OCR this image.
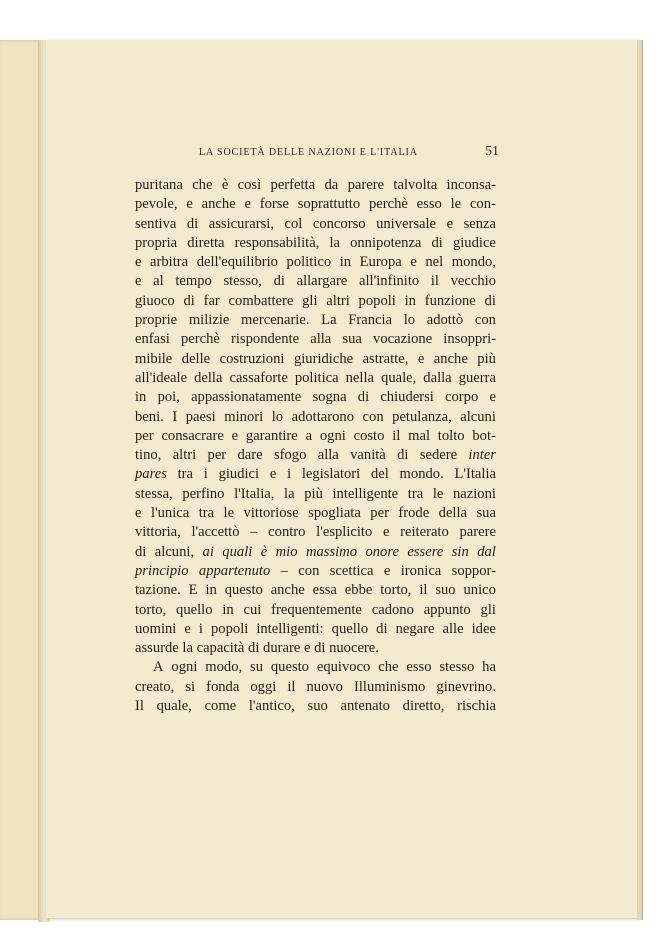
LA SOCIETÀ DELLE NAZIONI E L'ITALIA	51
puritana che è così perfetta da parere talvolta inconsa-
pevole, e anche e forse soprattutto perchè esso le con-
sentiva di assicurarsi, col concorso universale e senza
propria diretta responsabilità, la onnipotenza di giudice
e arbitra dell'equilibrio politico in Europa e nel mondo,
e al tempo stesso, di allargare all'infinito il vecchio
giuoco di far combattere gli altri popoli in funzione di
proprie milizie mercenarie. La Francia lo adottò con
enfasi perchè rispondente alla sua vocazione insoppri-
mibile delle costruzioni giuridiche astratte, e anche più
all'ideale della cassaforte politica nella quale, dalla guerra
in poi, appassionatamente sogna di chiudersi corpo e
beni. I paesi minori lo adottarono con petulanza, alcuni
per consacrare e garantire a ogni costo il mal tolto bot-
tino, altri per dare sfogo alla vanità di sedere inter
pares tra i giudici e i legislatori del mondo. L'Italia
stessa, perfino l'Italia, la più intelligente tra le nazioni
e l'unica tra le vittoriose spogliata per frode della sua
vittoria, l'accettò – contro l'esplicito e reiterato parere
di alcuni, ai quali è mio massimo onore essere sin dal
principio appartenuto – con scettica e ironica soppor-
tazione. E in questo anche essa ebbe torto, il suo unico
torto, quello in cui frequentemente cadono appunto gli
uomini e i popoli intelligenti: quello di negare alle idee
assurde la capacità di durare e di nuocere.
A ogni modo, su questo equivoco che esso stesso ha
creato, si fonda oggi il nuovo Illuminismo ginevrino.
Il quale, come l'antico, suo antenato diretto, rischia
